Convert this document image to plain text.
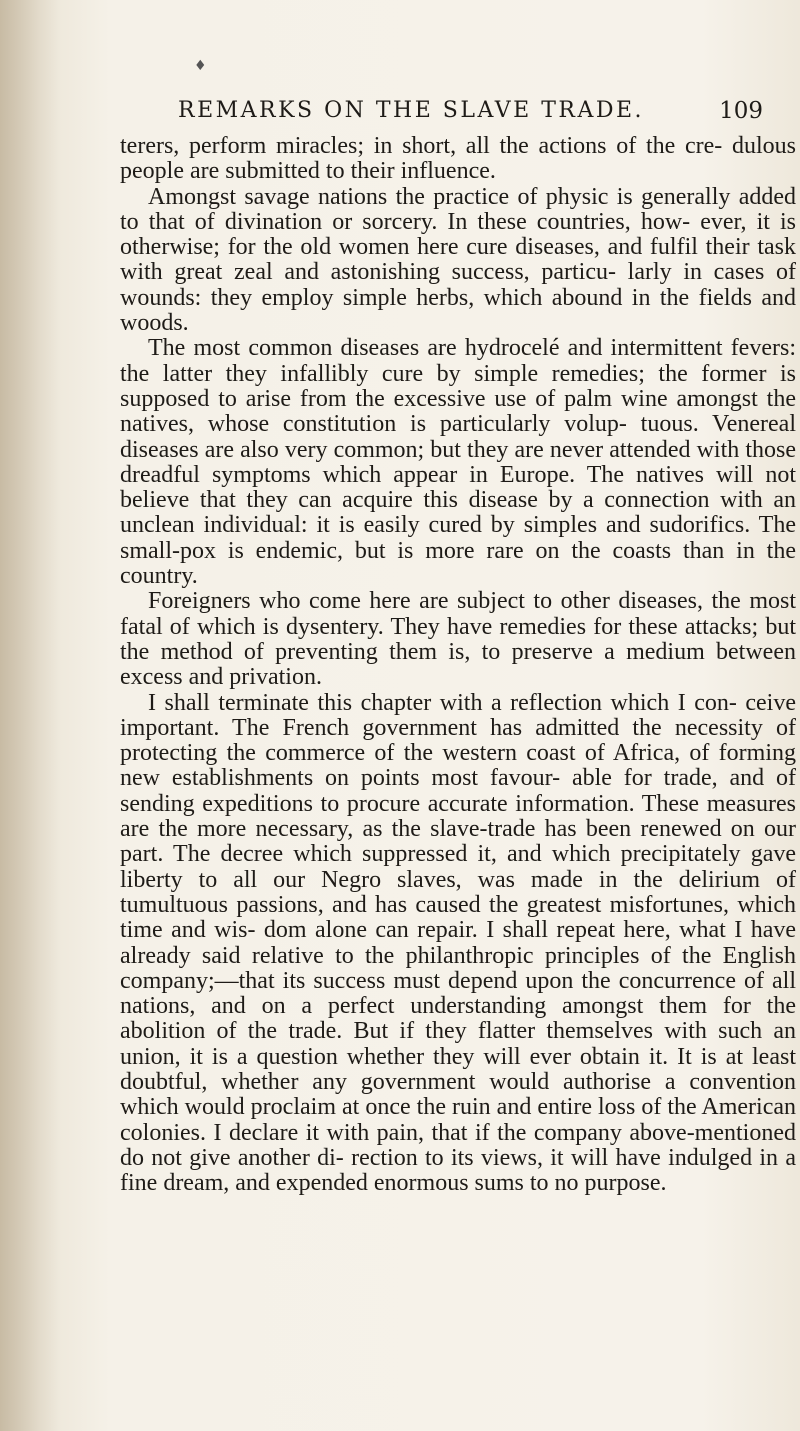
♦
REMARKS ON THE SLAVE TRADE.	109

terers, perform miracles; in short, all the actions of the cre- dulous people are submitted to their influence.

Amongst savage nations the practice of physic is generally added to that of divination or sorcery. In these countries, how- ever, it is otherwise; for the old women here cure diseases, and fulfil their task with great zeal and astonishing success, particu- larly in cases of wounds: they employ simple herbs, which abound in the fields and woods.

The most common diseases are hydrocelé and intermittent fevers: the latter they infallibly cure by simple remedies; the former is supposed to arise from the excessive use of palm wine amongst the natives, whose constitution is particularly volup- tuous. Venereal diseases are also very common; but they are never attended with those dreadful symptoms which appear in Europe. The natives will not believe that they can acquire this disease by a connection with an unclean individual: it is easily cured by simples and sudorifics. The small-pox is endemic, but is more rare on the coasts than in the country.

Foreigners who come here are subject to other diseases, the most fatal of which is dysentery. They have remedies for these attacks; but the method of preventing them is, to preserve a medium between excess and privation.

I shall terminate this chapter with a reflection which I con- ceive important. The French government has admitted the necessity of protecting the commerce of the western coast of Africa, of forming new establishments on points most favour- able for trade, and of sending expeditions to procure accurate information. These measures are the more necessary, as the slave-trade has been renewed on our part. The decree which suppressed it, and which precipitately gave liberty to all our Negro slaves, was made in the delirium of tumultuous passions, and has caused the greatest misfortunes, which time and wis- dom alone can repair. I shall repeat here, what I have already said relative to the philanthropic principles of the English company;—that its success must depend upon the concurrence of all nations, and on a perfect understanding amongst them for the abolition of the trade. But if they flatter themselves with such an union, it is a question whether they will ever obtain it. It is at least doubtful, whether any government would authorise a convention which would proclaim at once the ruin and entire loss of the American colonies. I declare it with pain, that if the company above-mentioned do not give another di- rection to its views, it will have indulged in a fine dream, and expended enormous sums to no purpose.
